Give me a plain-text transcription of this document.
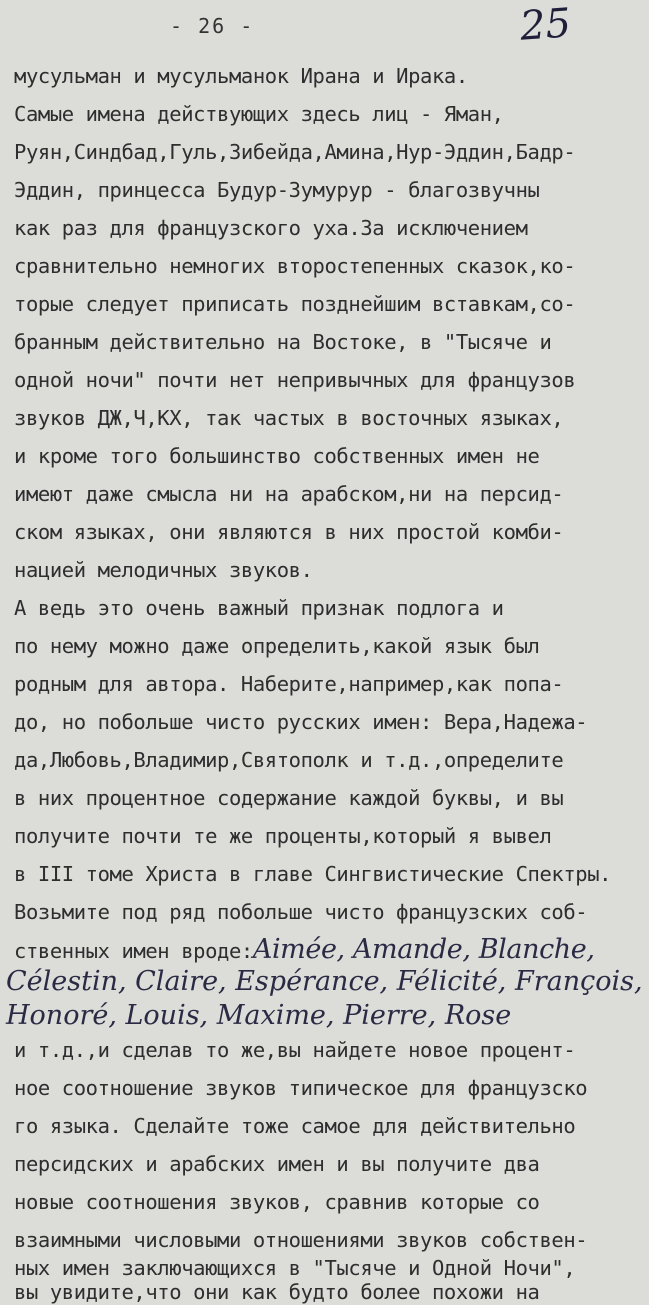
- 26 -	25
мусульман и мусульманок Ирана и Ирака.
Самые имена действующих здесь лиц - Яман,
Руян,Синдбад,Гуль,Зибейда,Амина,Нур-Эддин,Бадр-
Эддин, принцесса Будур-Зумурур - благозвучны
как раз для французского уха.За исключением
сравнительно немногих второстепенных сказок,ко-
торые следует приписать позднейшим вставкам,со-
бранным действительно на Востоке, в "Тысяче и
одной ночи" почти нет непривычных для французов
звуков ДЖ,Ч,КХ, так частых в восточных языках,
и кроме того большинство собственных имен не
имеют даже смысла ни на арабском,ни на персид-
ском языках, они являются в них простой комби-
нацией мелодичных звуков.
А ведь это очень важный признак подлога и
по нему можно даже определить,какой язык был
родным для автора. Наберите,например,как попа-
до, но побольше чисто русских имен: Вера,Надежа-
да,Любовь,Владимир,Святополк и т.д.,определите
в них процентное содержание каждой буквы, и вы
получите почти те же проценты,который я вывел
в III томе Христа в главе Сингвистические Спектры.
Возьмите под ряд побольше чисто французских соб-
ственных имен вроде:Aimée, Amande, Blanche,
Célestin, Claire, Espérance, Félicité, François,
Honoré, Louis, Maxime, Pierre, Rose
и т.д.,и сделав то же,вы найдете новое процент-
ное соотношение звуков типическое для французско
го языка. Сделайте тоже самое для действительно
персидских и арабских имен и вы получите два
новые соотношения звуков, сравнив которые со
взаимными числовыми отношениями звуков собствен-
ных имен заключающихся в "Тысяче и Одной Ночи",
вы увидите,что они как будто более похожи на
